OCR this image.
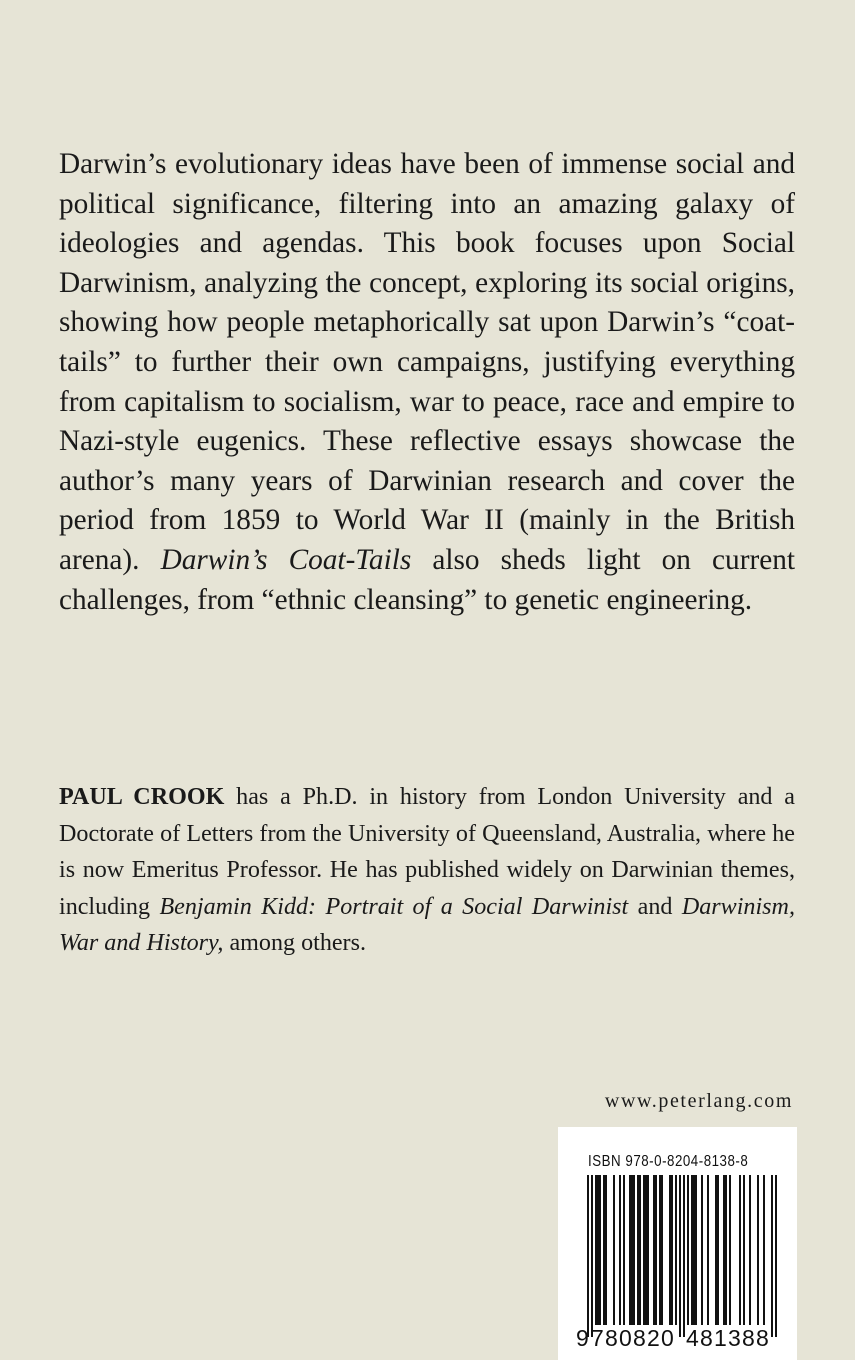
Darwin’s evolutionary ideas have been of immense social and political significance, filtering into an amazing galaxy of ideologies and agendas. This book focuses upon Social Darwinism, analyzing the concept, exploring its social origins, showing how people metaphorically sat upon Darwin’s “coat-tails” to further their own campaigns, justifying everything from capitalism to socialism, war to peace, race and empire to Nazi-style eugenics. These reflective essays showcase the author’s many years of Darwinian research and cover the period from 1859 to World War II (mainly in the British arena). Darwin’s Coat-Tails also sheds light on current challenges, from “ethnic cleansing” to genetic engineering.

PAUL CROOK has a Ph.D. in history from London University and a Doctorate of Letters from the University of Queensland, Australia, where he is now Emeritus Professor. He has published widely on Darwinian themes, including Benjamin Kidd: Portrait of a Social Darwinist and Darwinism, War and History, among others.

www.peterlang.com
ISBN 978-0-8204-8138-8
9 780820 481388
